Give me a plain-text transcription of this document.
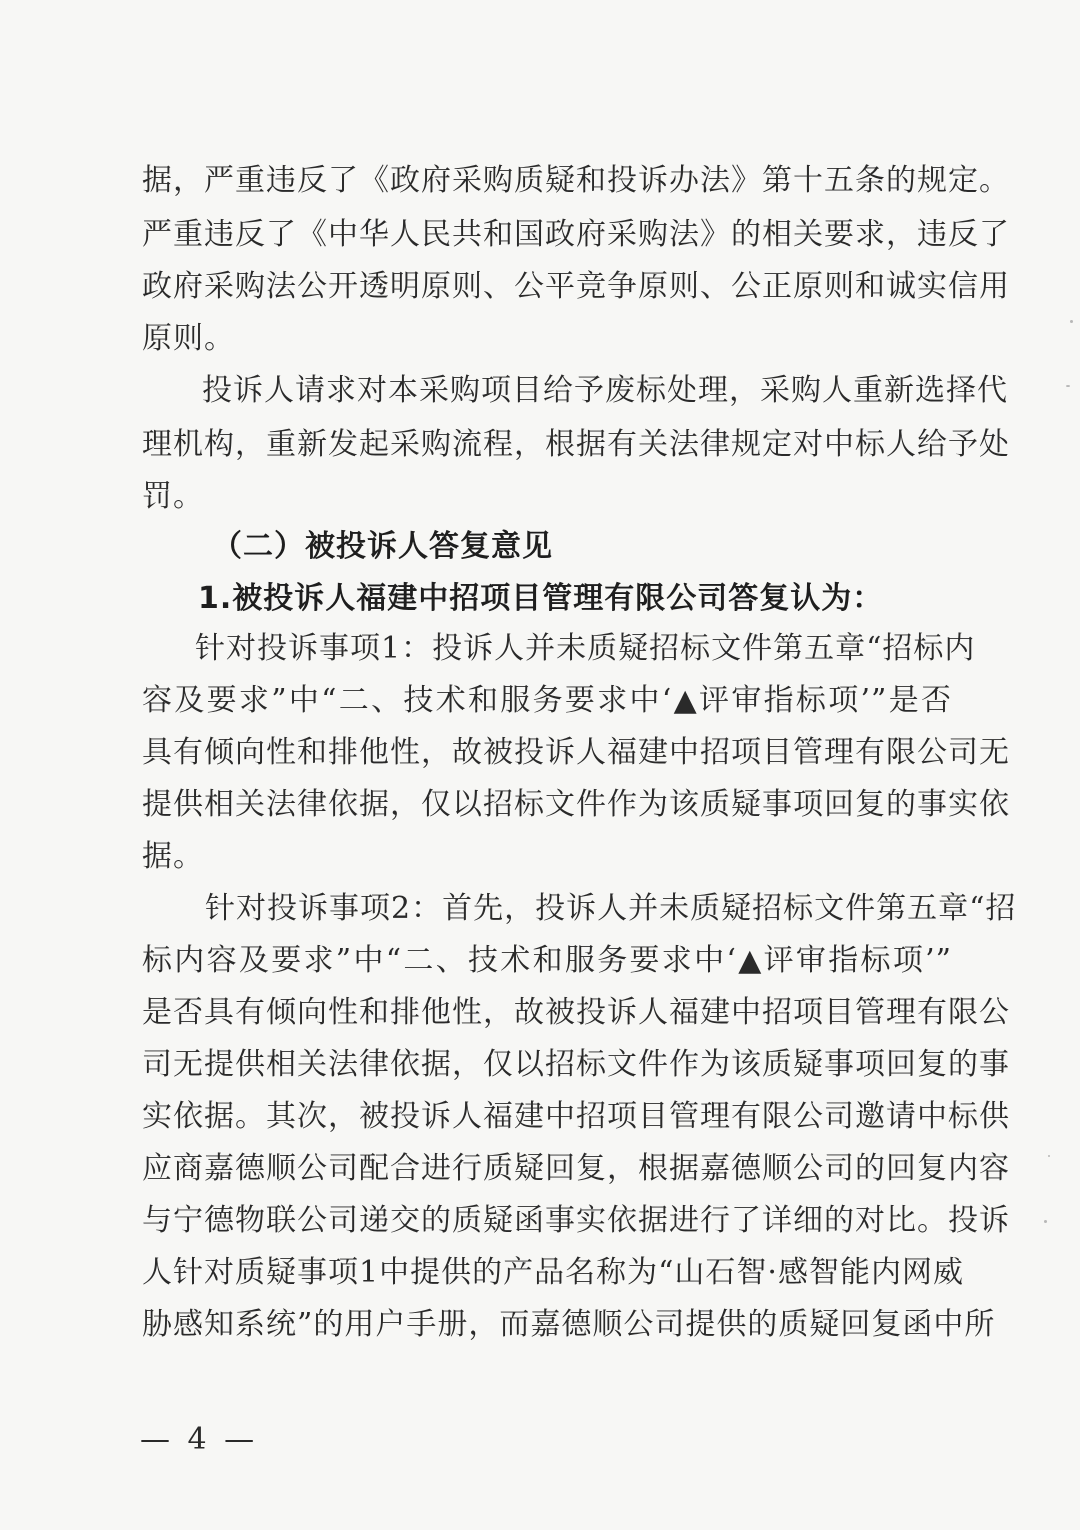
据，严重违反了《政府采购质疑和投诉办法》第十五条的规定。
严重违反了《中华人民共和国政府采购法》的相关要求，违反了
政府采购法公开透明原则、公平竞争原则、公正原则和诚实信用
原则。
投诉人请求对本采购项目给予废标处理，采购人重新选择代
理机构，重新发起采购流程，根据有关法律规定对中标人给予处
罚。
（二）被投诉人答复意见
1.被投诉人福建中招项目管理有限公司答复认为：
针对投诉事项1：投诉人并未质疑招标文件第五章“招标内
容及要求”中“二、技术和服务要求中‘▲评审指标项’”是否
具有倾向性和排他性，故被投诉人福建中招项目管理有限公司无
提供相关法律依据，仅以招标文件作为该质疑事项回复的事实依
据。
针对投诉事项2：首先，投诉人并未质疑招标文件第五章“招
标内容及要求”中“二、技术和服务要求中‘▲评审指标项’”
是否具有倾向性和排他性，故被投诉人福建中招项目管理有限公
司无提供相关法律依据，仅以招标文件作为该质疑事项回复的事
实依据。其次，被投诉人福建中招项目管理有限公司邀请中标供
应商嘉德顺公司配合进行质疑回复，根据嘉德顺公司的回复内容
与宁德物联公司递交的质疑函事实依据进行了详细的对比。投诉
人针对质疑事项1中提供的产品名称为“山石智·感智能内网威
胁感知系统”的用户手册，而嘉德顺公司提供的质疑回复函中所
— 4 —
